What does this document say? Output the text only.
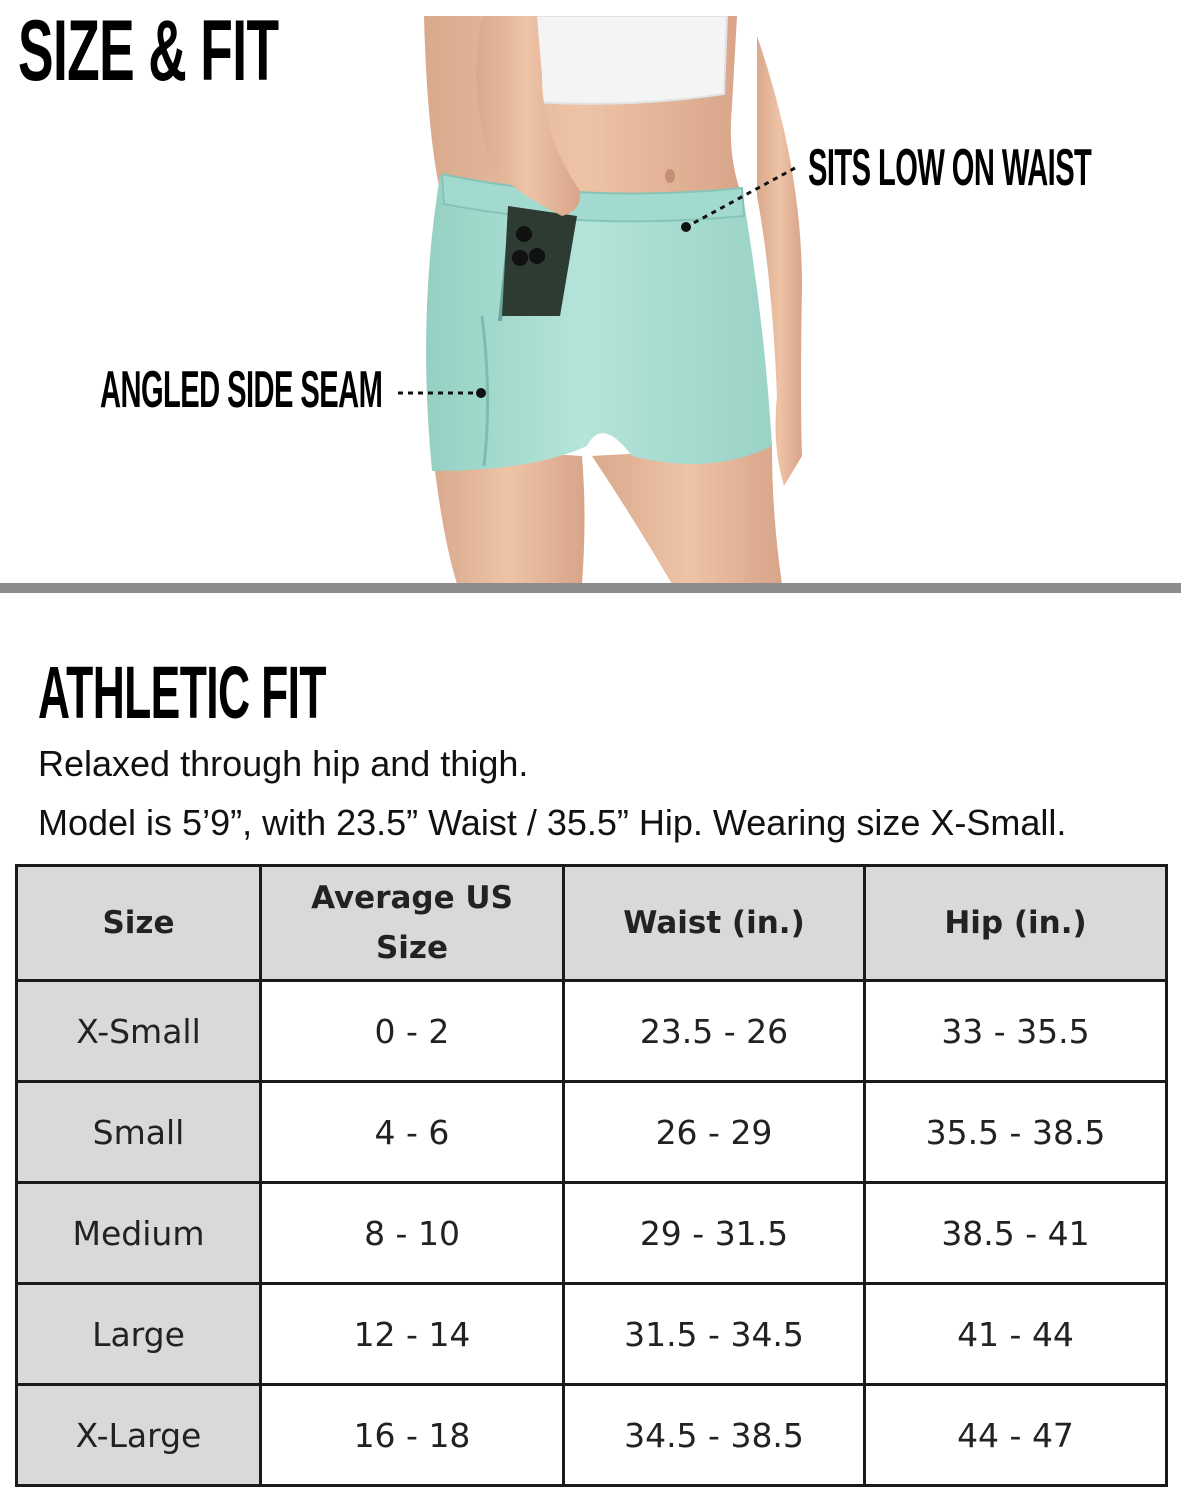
SIZE & FIT
SITS LOW ON WAIST
ANGLED SIDE SEAM
ATHLETIC FIT
Relaxed through hip and thigh.
Model is 5’9”, with 23.5” Waist / 35.5” Hip. Wearing size X-Small.
Size	Average US Size	Waist (in.)	Hip (in.)
X-Small	0 - 2	23.5 - 26	33 - 35.5
Small	4 - 6	26 - 29	35.5 - 38.5
Medium	8 - 10	29 - 31.5	38.5 - 41
Large	12 - 14	31.5 - 34.5	41 - 44
X-Large	16 - 18	34.5 - 38.5	44 - 47
